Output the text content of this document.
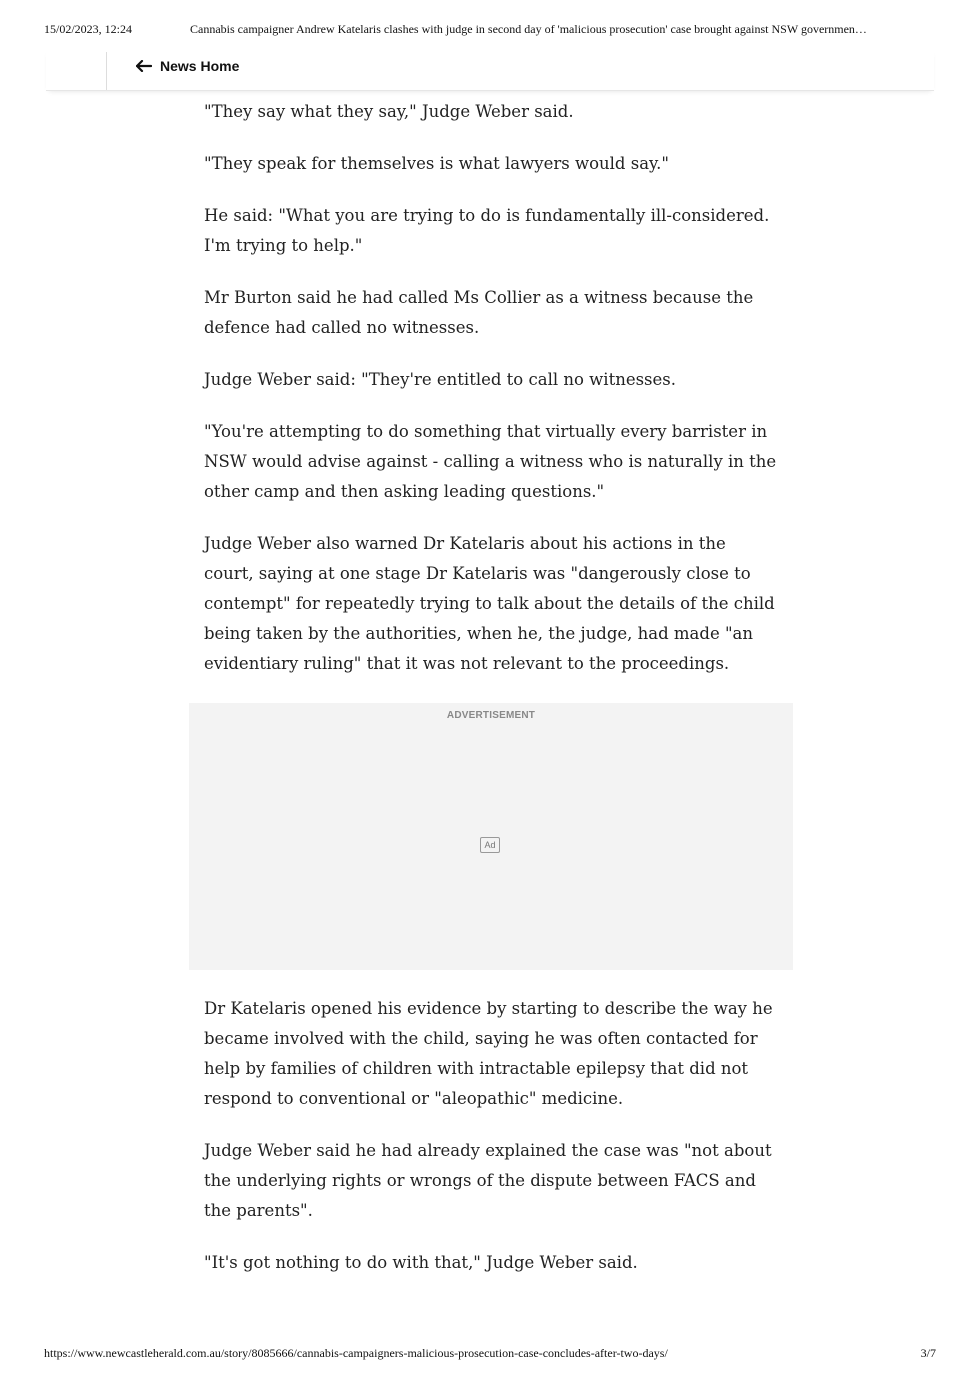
15/02/2023, 12:24	Cannabis campaigner Andrew Katelaris clashes with judge in second day of 'malicious prosecution' case brought against NSW governmen…
News Home

"They say what they say," Judge Weber said.

"They speak for themselves is what lawyers would say."

He said: "What you are trying to do is fundamentally ill-considered. I'm trying to help."

Mr Burton said he had called Ms Collier as a witness because the defence had called no witnesses.

Judge Weber said: "They're entitled to call no witnesses.

"You're attempting to do something that virtually every barrister in NSW would advise against - calling a witness who is naturally in the other camp and then asking leading questions."

Judge Weber also warned Dr Katelaris about his actions in the court, saying at one stage Dr Katelaris was "dangerously close to contempt" for repeatedly trying to talk about the details of the child being taken by the authorities, when he, the judge, had made "an evidentiary ruling" that it was not relevant to the proceedings.

ADVERTISEMENT
Ad

Dr Katelaris opened his evidence by starting to describe the way he became involved with the child, saying he was often contacted for help by families of children with intractable epilepsy that did not respond to conventional or "aleopathic" medicine.

Judge Weber said he had already explained the case was "not about the underlying rights or wrongs of the dispute between FACS and the parents".

"It's got nothing to do with that," Judge Weber said.

https://www.newcastleherald.com.au/story/8085666/cannabis-campaigners-malicious-prosecution-case-concludes-after-two-days/	3/7
